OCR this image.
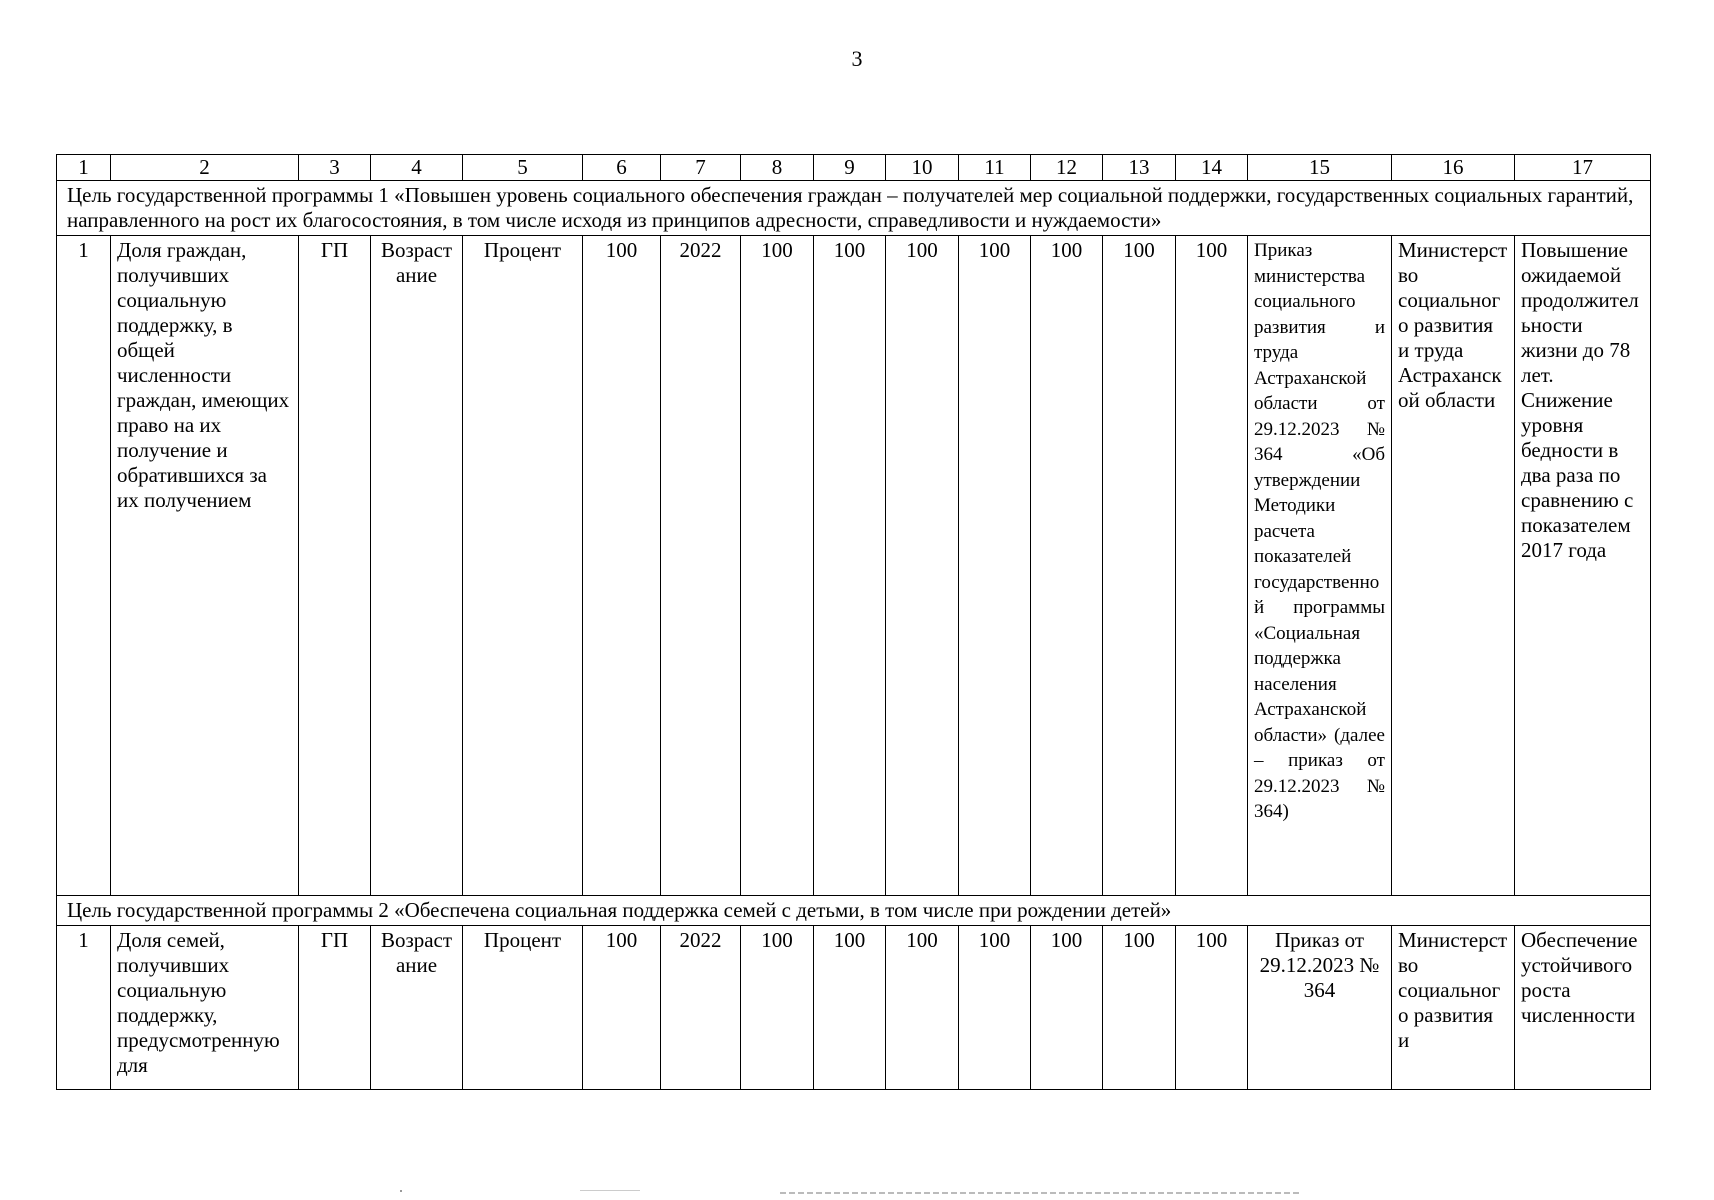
3
1	2	3	4	5	6	7	8	9	10	11	12	13	14	15	16	17
Цель государственной программы 1 «Повышен уровень социального обеспечения граждан – получателей мер социальной поддержки, государственных социальных гарантий, направленного на рост их благосостояния, в том числе исходя из принципов адресности, справедливости и нуждаемости»																
1	Доля граждан, получивших социальную поддержку, в общей численности граждан, имеющих право на их получение и обратившихся за их получением	ГП	Возрастание	Процент	100	2022	100	100	100	100	100	100	100	Приказ министерства социального развития и труда Астраханской области от 29.12.2023 № 364 «Об утверждении Методики расчета показателей государственной программы «Социальная поддержка населения Астраханской области» (далее – приказ от 29.12.2023 № 364)	Министерство социального развития и труда Астраханской области	Повышение ожидаемой продолжительности жизни до 78 лет. Снижение уровня бедности в два раза по сравнению с показателем 2017 года
Цель государственной программы 2 «Обеспечена социальная поддержка семей с детьми, в том числе при рождении детей»																
1	Доля семей, получивших социальную поддержку, предусмотренную для	ГП	Возрастание	Процент	100	2022	100	100	100	100	100	100	100	Приказ от 29.12.2023 № 364	Министерство социального развития и	Обеспечение устойчивого роста численности
